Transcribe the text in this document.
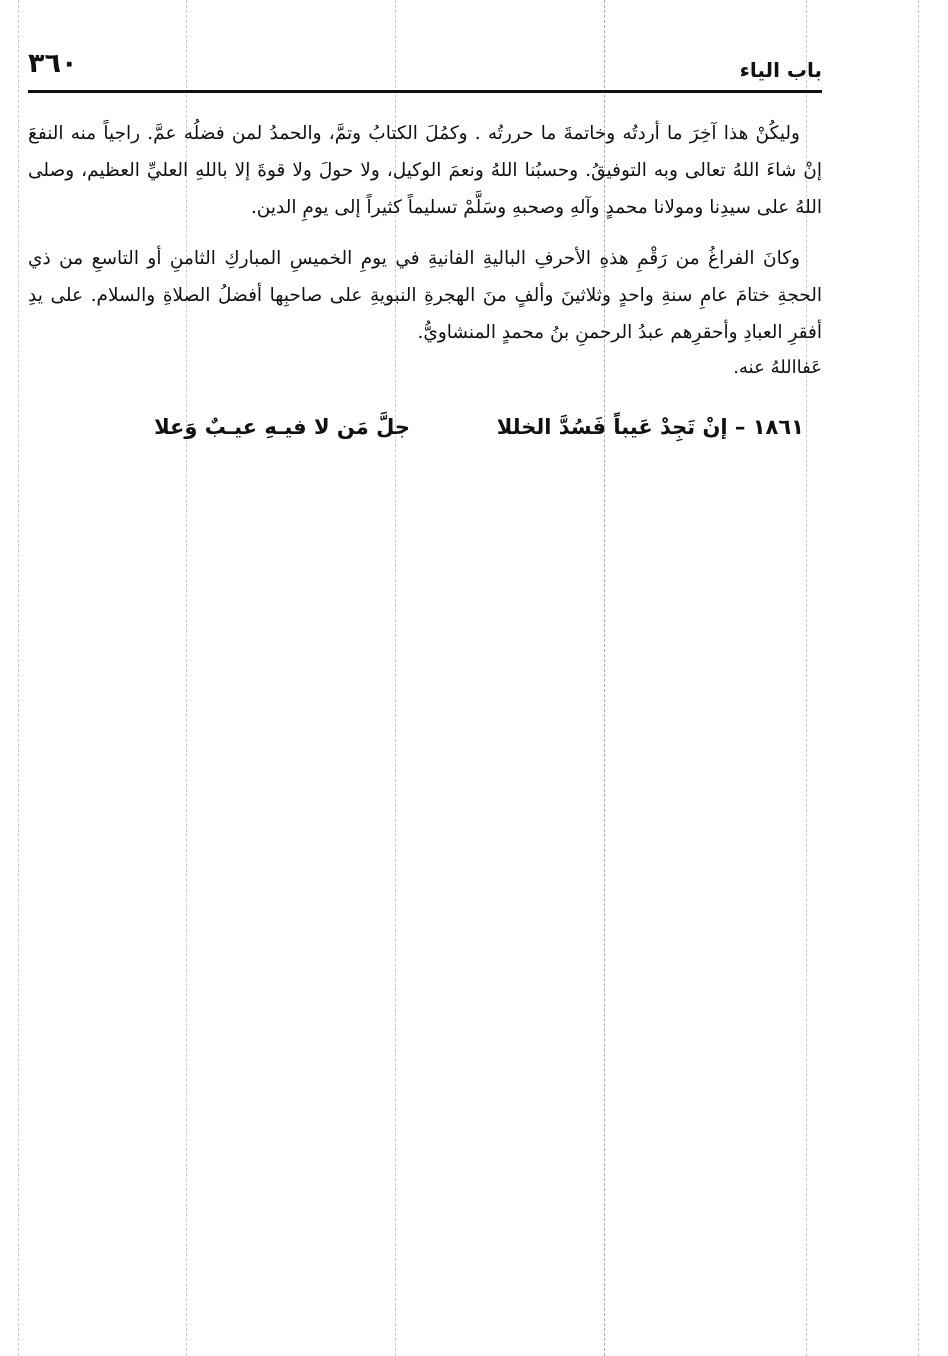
باب الياء
٣٦٠

وليكُنْ هذا آخِرَ ما أردتُه وخاتمةَ ما حررتُه . وكمُلَ الكتابُ وتمَّ، والحمدُ لمن فضلُه عمَّ. راجياً منه النفعَ إنْ شاءَ اللهُ تعالى وبه التوفيقُ. وحسبُنا اللهُ ونعمَ الوكيل، ولا حولَ ولا قوةَ إلا باللهِ العليِّ العظيم، وصلى اللهُ على سيدِنا ومولانا محمدٍ وآلهِ وصحبهِ وسَلَّمْ تسليماً كثيراً إلى يومِ الدين.

وكانَ الفراغُ من رَقْمِ هذهِ الأحرفِ الباليةِ الفانيةِ في يومِ الخميسِ المباركِ الثامنِ أو التاسعِ من ذي الحجةِ ختامَ عامِ سنةِ واحدٍ وثلاثينَ وألفٍ منَ الهجرةِ النبويةِ على صاحبِها أفضلُ الصلاةِ والسلام. على يدِ أفقرِ العبادِ وأحقرِهم عبدُ الرحمنِ بنُ محمدٍ المنشاويُّ.

عَفااللهُ عنه.
١٨٦١ – إنْ تَجِدْ عَيباً فَسُدَّ الخللا
جلَّ مَن لا فيـهِ عيـبٌ وَعلا
